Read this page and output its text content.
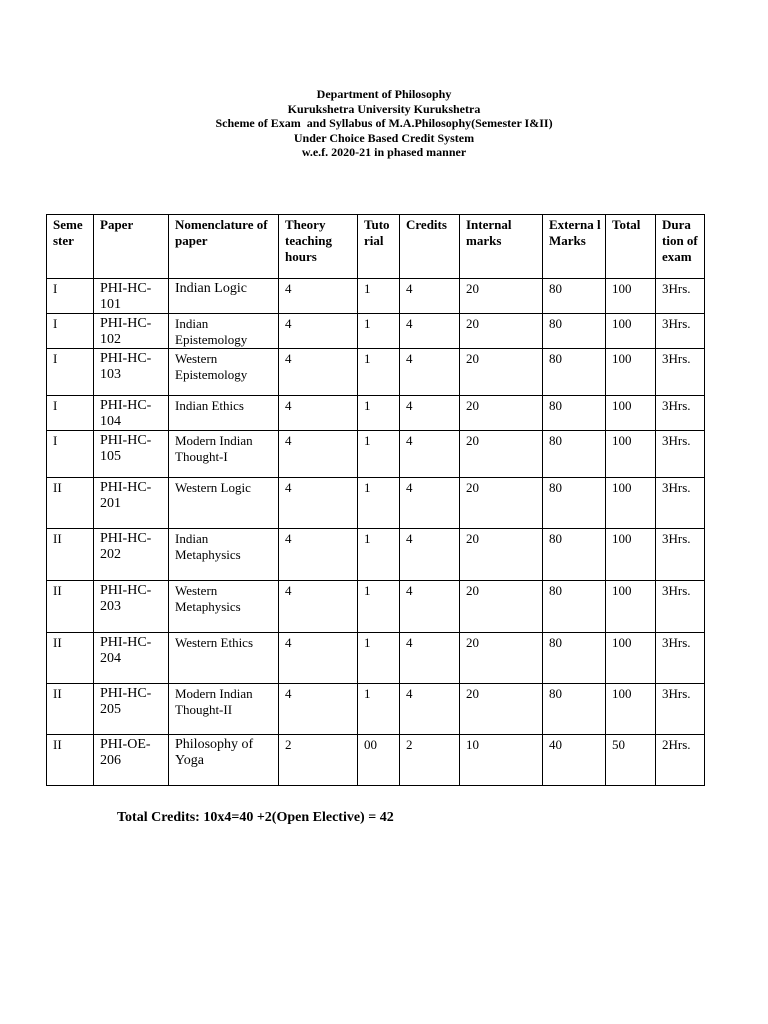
Department of Philosophy
Kurukshetra University Kurukshetra
Scheme of Exam  and Syllabus of M.A.Philosophy(Semester I&II)
Under Choice Based Credit System
w.e.f. 2020-21 in phased manner
Seme ster	Paper	Nomenclature of paper	Theory teaching hours	Tuto rial	Credits	Internal marks	Externa l Marks	Total	Dura tion of exam
I	PHI-HC-101	Indian Logic	4	1	4	20	80	100	3Hrs.
I	PHI-HC-102	Indian Epistemology	4	1	4	20	80	100	3Hrs.
I	PHI-HC-103	Western Epistemology	4	1	4	20	80	100	3Hrs.
I	PHI-HC-104	Indian Ethics	4	1	4	20	80	100	3Hrs.
I	PHI-HC-105	Modern Indian Thought-I	4	1	4	20	80	100	3Hrs.
II	PHI-HC-201	Western Logic	4	1	4	20	80	100	3Hrs.
II	PHI-HC-202	Indian Metaphysics	4	1	4	20	80	100	3Hrs.
II	PHI-HC-203	Western Metaphysics	4	1	4	20	80	100	3Hrs.
II	PHI-HC-204	Western Ethics	4	1	4	20	80	100	3Hrs.
II	PHI-HC-205	Modern Indian Thought-II	4	1	4	20	80	100	3Hrs.
II	PHI-OE-206	Philosophy of Yoga	2	00	2	10	40	50	2Hrs.
Total Credits: 10x4=40 +2(Open Elective) = 42
